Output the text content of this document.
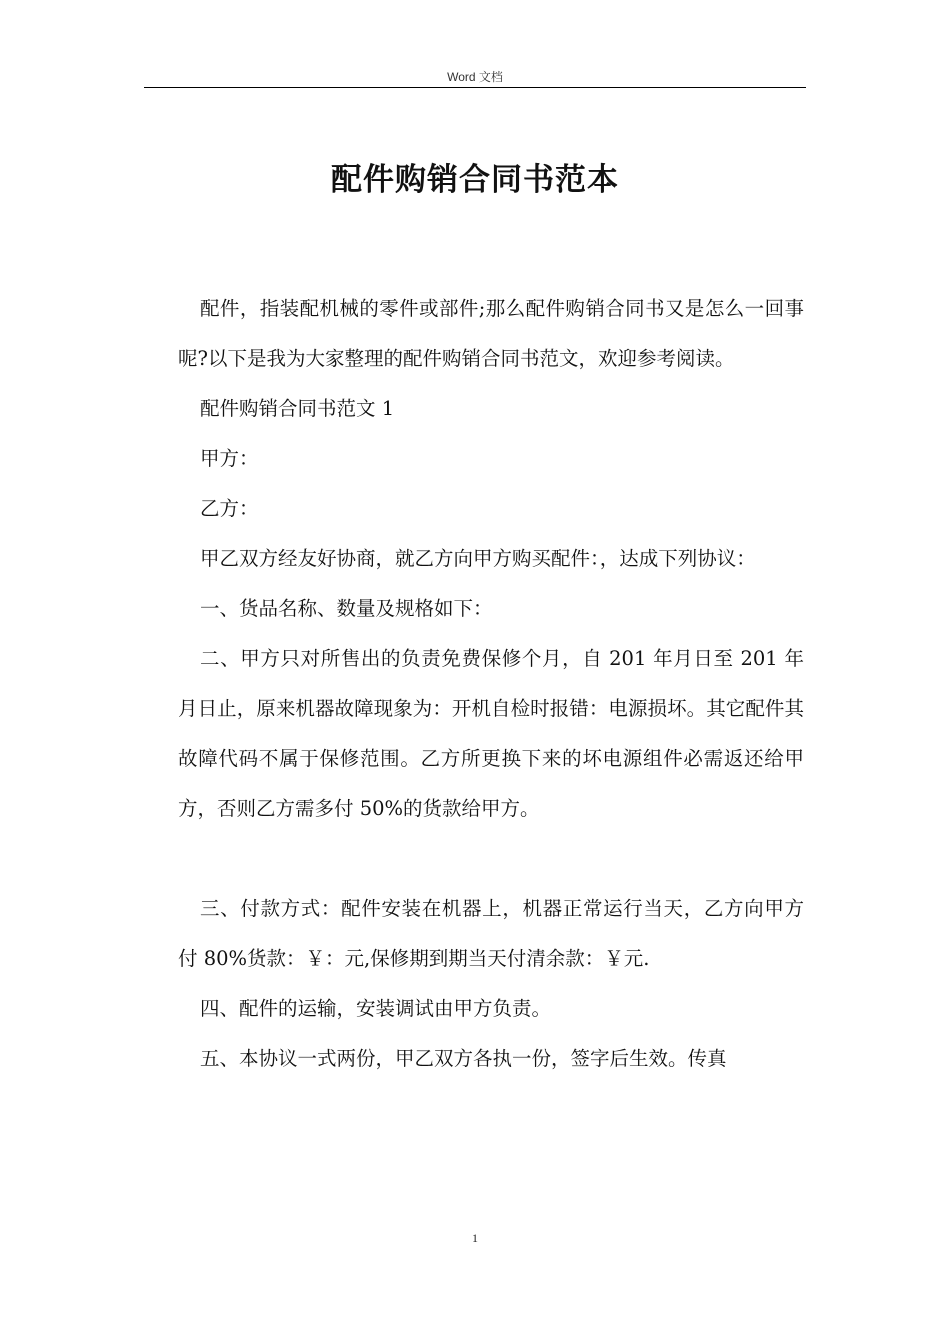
Word 文档
配件购销合同书范本

配件，指装配机械的零件或部件;那么配件购销合同书又是怎么一回事呢?以下是我为大家整理的配件购销合同书范文，欢迎参考阅读。

配件购销合同书范文 1

甲方：

乙方：

甲乙双方经友好协商，就乙方向甲方购买配件：，达成下列协议：

一、货品名称、数量及规格如下：

二、甲方只对所售出的负责免费保修个月，自 201 年月日至 201 年月日止，原来机器故障现象为：开机自检时报错：电源损坏。其它配件其故障代码不属于保修范围。乙方所更换下来的坏电源组件必需返还给甲方，否则乙方需多付 50%的货款给甲方。

三、付款方式：配件安装在机器上，机器正常运行当天，乙方向甲方付 80%货款：￥：元,保修期到期当天付清余款：￥元.

四、配件的运输，安装调试由甲方负责。

五、本协议一式两份，甲乙双方各执一份，签字后生效。传真

1
